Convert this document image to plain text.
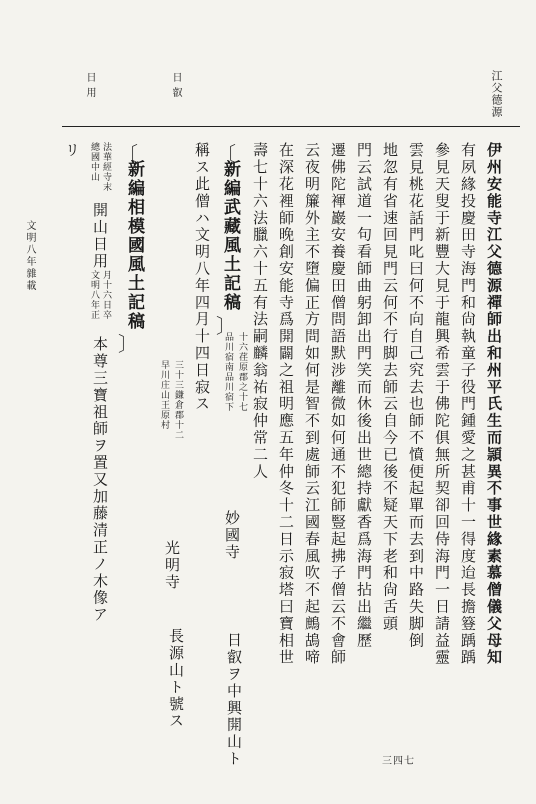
江父德源
日叡
日用
伊州安能寺江父德源禪師出和州平氏生而頴異不事世緣素慕僧儀父母知
有夙緣投慶田寺海門和尙執童子役門鍾愛之甚甫十一得度迨長擔簦踽踽
參見天叟于新豐大見于龍興希雲于佛陀俱無所契卻回侍海門一日請益靈
雲見桃花話門叱曰何不向自己究去也師不憤便起單而去到中路失脚倒
地忽有省速回見門云何不行脚去師云自今已後不疑天下老和尙舌頭
門云試道一句看師曲躬卸出門笑而休後出世總持獻香爲海門拈出繼歷
遷佛陀褌巖安養慶田僧問語默涉離微如何通不犯師豎起拂子僧云不會師
云夜明簾外主不墮偏正方問如何是智不到處師云江國春風吹不起鷓鴣啼
在深花裡師晚創安能寺爲開闢之祖明應五年仲冬十二日示寂塔曰寶相世
壽七十六法臘六十五有法嗣麟翁祐寂仲常二人
〔
新編武藏風土記稿
〕
十六荏原郡之十七
品川宿南品川宿下
妙國寺
日叡ヲ中興開山ト
稱ス此僧ハ文明八年四月十四日寂ス
〔
新編相模國風土記稿
〕
三十三鎌倉郡十二
早川庄山王原村
光明寺
長源山ト號ス
法華經寺末
總國中山
開山日用
月十六日卒
文明八年正
本尊三寶祖師ヲ置又加藤清正ノ木像ア
リ
文明八年雜載
三四七
